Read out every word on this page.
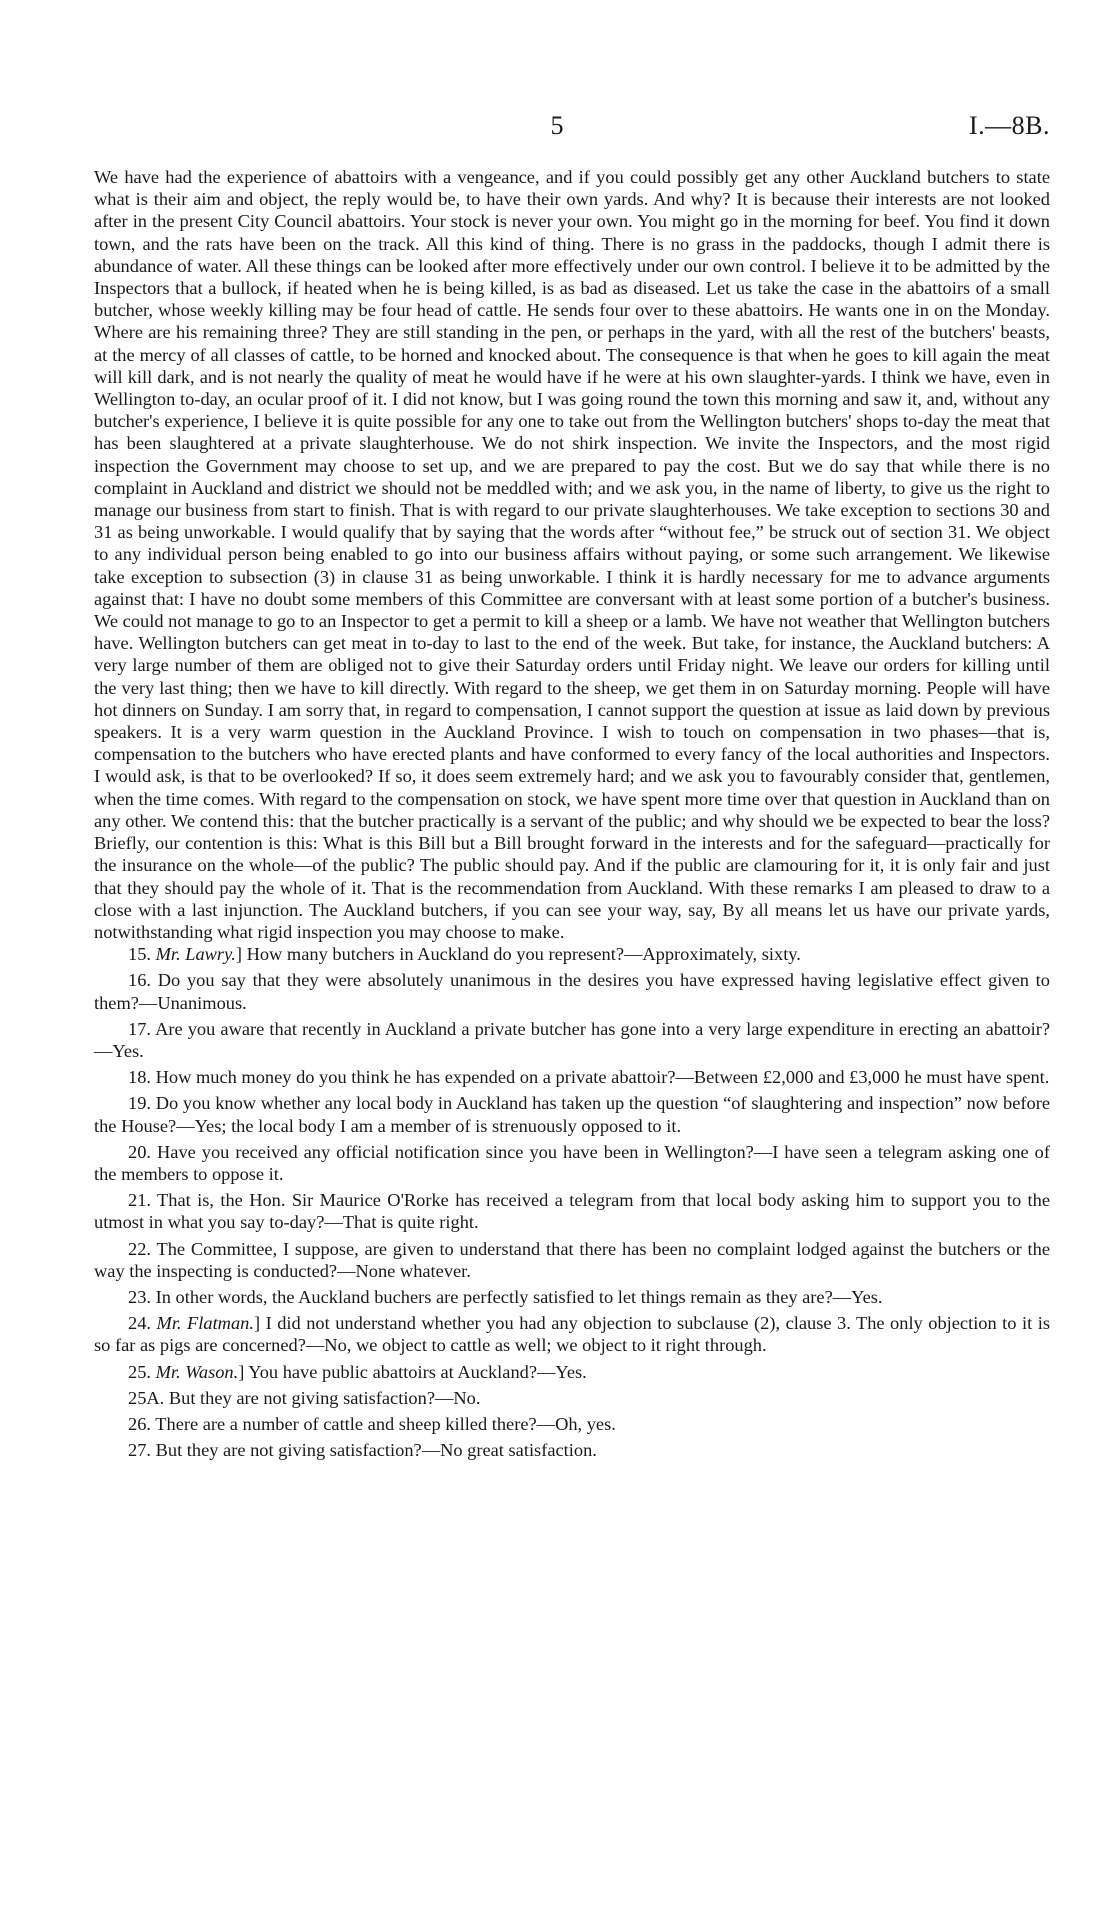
5	I.—8B.

We have had the experience of abattoirs with a vengeance, and if you could possibly get any other Auckland butchers to state what is their aim and object, the reply would be, to have their own yards. And why? It is because their interests are not looked after in the present City Council abattoirs. Your stock is never your own. You might go in the morning for beef. You find it down town, and the rats have been on the track. All this kind of thing. There is no grass in the paddocks, though I admit there is abundance of water. All these things can be looked after more effectively under our own control. I believe it to be admitted by the Inspectors that a bullock, if heated when he is being killed, is as bad as diseased. Let us take the case in the abattoirs of a small butcher, whose weekly killing may be four head of cattle. He sends four over to these abattoirs. He wants one in on the Monday. Where are his remaining three? They are still standing in the pen, or perhaps in the yard, with all the rest of the butchers' beasts, at the mercy of all classes of cattle, to be horned and knocked about. The consequence is that when he goes to kill again the meat will kill dark, and is not nearly the quality of meat he would have if he were at his own slaughter-yards. I think we have, even in Wellington to-day, an ocular proof of it. I did not know, but I was going round the town this morning and saw it, and, without any butcher's experience, I believe it is quite possible for any one to take out from the Wellington butchers' shops to-day the meat that has been slaughtered at a private slaughterhouse. We do not shirk inspection. We invite the Inspectors, and the most rigid inspection the Government may choose to set up, and we are prepared to pay the cost. But we do say that while there is no complaint in Auckland and district we should not be meddled with; and we ask you, in the name of liberty, to give us the right to manage our business from start to finish. That is with regard to our private slaughterhouses. We take exception to sections 30 and 31 as being unworkable. I would qualify that by saying that the words after “without fee,” be struck out of section 31. We object to any individual person being enabled to go into our business affairs without paying, or some such arrangement. We likewise take exception to subsection (3) in clause 31 as being unworkable. I think it is hardly necessary for me to advance arguments against that: I have no doubt some members of this Committee are conversant with at least some portion of a butcher's business. We could not manage to go to an Inspector to get a permit to kill a sheep or a lamb. We have not weather that Wellington butchers have. Wellington butchers can get meat in to-day to last to the end of the week. But take, for instance, the Auckland butchers: A very large number of them are obliged not to give their Saturday orders until Friday night. We leave our orders for killing until the very last thing; then we have to kill directly. With regard to the sheep, we get them in on Saturday morning. People will have hot dinners on Sunday. I am sorry that, in regard to compensation, I cannot support the question at issue as laid down by previous speakers. It is a very warm question in the Auckland Province. I wish to touch on compensation in two phases—that is, compensation to the butchers who have erected plants and have conformed to every fancy of the local authorities and Inspectors. I would ask, is that to be overlooked? If so, it does seem extremely hard; and we ask you to favourably consider that, gentlemen, when the time comes. With regard to the compensation on stock, we have spent more time over that question in Auckland than on any other. We contend this: that the butcher practically is a servant of the public; and why should we be expected to bear the loss? Briefly, our contention is this: What is this Bill but a Bill brought forward in the interests and for the safeguard—practically for the insurance on the whole—of the public? The public should pay. And if the public are clamouring for it, it is only fair and just that they should pay the whole of it. That is the recommendation from Auckland. With these remarks I am pleased to draw to a close with a last injunction. The Auckland butchers, if you can see your way, say, By all means let us have our private yards, notwithstanding what rigid inspection you may choose to make.

15. Mr. Lawry.] How many butchers in Auckland do you represent?—Approximately, sixty.

16. Do you say that they were absolutely unanimous in the desires you have expressed having legislative effect given to them?—Unanimous.

17. Are you aware that recently in Auckland a private butcher has gone into a very large expenditure in erecting an abattoir?—Yes.

18. How much money do you think he has expended on a private abattoir?—Between £2,000 and £3,000 he must have spent.

19. Do you know whether any local body in Auckland has taken up the question “of slaughtering and inspection” now before the House?—Yes; the local body I am a member of is strenuously opposed to it.

20. Have you received any official notification since you have been in Wellington?—I have seen a telegram asking one of the members to oppose it.

21. That is, the Hon. Sir Maurice O'Rorke has received a telegram from that local body asking him to support you to the utmost in what you say to-day?—That is quite right.

22. The Committee, I suppose, are given to understand that there has been no complaint lodged against the butchers or the way the inspecting is conducted?—None whatever.

23. In other words, the Auckland buchers are perfectly satisfied to let things remain as they are?—Yes.

24. Mr. Flatman.] I did not understand whether you had any objection to subclause (2), clause 3. The only objection to it is so far as pigs are concerned?—No, we object to cattle as well; we object to it right through.

25. Mr. Wason.] You have public abattoirs at Auckland?—Yes.

25A. But they are not giving satisfaction?—No.

26. There are a number of cattle and sheep killed there?—Oh, yes.

27. But they are not giving satisfaction?—No great satisfaction.
